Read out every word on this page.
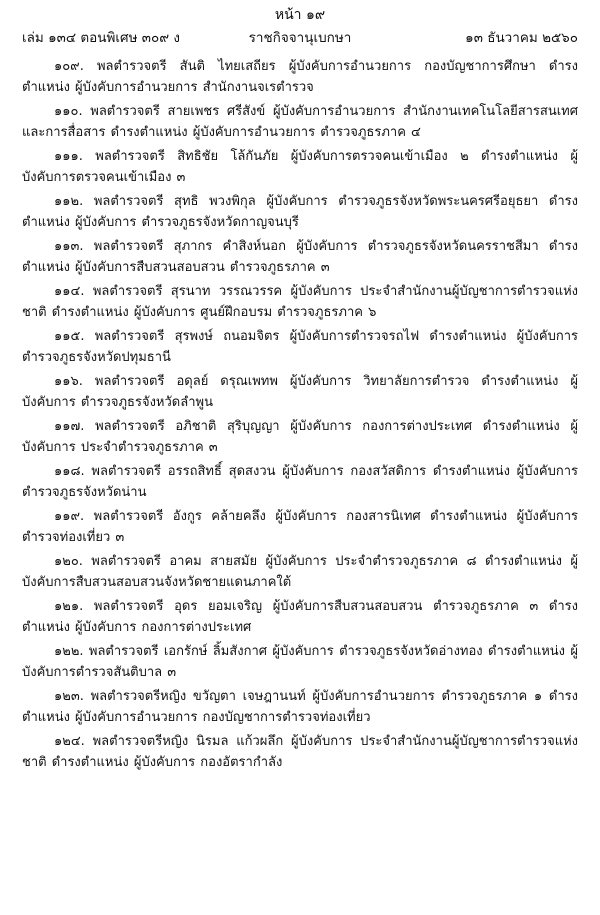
หน้า ๑๙
ราชกิจจานุเบกษา
เล่ม ๑๓๔ ตอนพิเศษ ๓๐๙ ง	๑๓ ธันวาคม ๒๕๖๐

๑๐๙. พลตำรวจตรี สันติ ไทยเสถียร ผู้บังคับการอำนวยการ กองบัญชาการศึกษา ดำรงตำแหน่ง ผู้บังคับการอำนวยการ สำนักงานจเรตำรวจ

๑๑๐. พลตำรวจตรี สายเพชร ศรีสังข์ ผู้บังคับการอำนวยการ สำนักงานเทคโนโลยีสารสนเทศและการสื่อสาร ดำรงตำแหน่ง ผู้บังคับการอำนวยการ ตำรวจภูธรภาค ๔

๑๑๑. พลตำรวจตรี สิทธิชัย โล้กันภัย ผู้บังคับการตรวจคนเข้าเมือง ๒ ดำรงตำแหน่ง ผู้บังคับการตรวจคนเข้าเมือง ๓

๑๑๒. พลตำรวจตรี สุทธิ พวงพิกุล ผู้บังคับการ ตำรวจภูธรจังหวัดพระนครศรีอยุธยา ดำรงตำแหน่ง ผู้บังคับการ ตำรวจภูธรจังหวัดกาญจนบุรี

๑๑๓. พลตำรวจตรี สุภากร คำสิงห์นอก ผู้บังคับการ ตำรวจภูธรจังหวัดนครราชสีมา ดำรงตำแหน่ง ผู้บังคับการสืบสวนสอบสวน ตำรวจภูธรภาค ๓

๑๑๔. พลตำรวจตรี สุรนาท วรรณวรรค ผู้บังคับการ ประจำสำนักงานผู้บัญชาการตำรวจแห่งชาติ ดำรงตำแหน่ง ผู้บังคับการ ศูนย์ฝึกอบรม ตำรวจภูธรภาค ๖

๑๑๕. พลตำรวจตรี สุรพงษ์ ถนอมจิตร ผู้บังคับการตำรวจรถไฟ ดำรงตำแหน่ง ผู้บังคับการ ตำรวจภูธรจังหวัดปทุมธานี

๑๑๖. พลตำรวจตรี อดุลย์ ดรุณเพทพ ผู้บังคับการ วิทยาลัยการตำรวจ ดำรงตำแหน่ง ผู้บังคับการ ตำรวจภูธรจังหวัดลำพูน

๑๑๗. พลตำรวจตรี อภิชาติ สุริบุญญา ผู้บังคับการ กองการต่างประเทศ ดำรงตำแหน่ง ผู้บังคับการ ประจำตำรวจภูธรภาค ๓

๑๑๘. พลตำรวจตรี อรรถสิทธิ์ สุดสงวน ผู้บังคับการ กองสวัสดิการ ดำรงตำแหน่ง ผู้บังคับการ ตำรวจภูธรจังหวัดน่าน

๑๑๙. พลตำรวจตรี อังกูร คล้ายคลึง ผู้บังคับการ กองสารนิเทศ ดำรงตำแหน่ง ผู้บังคับการ ตำรวจท่องเที่ยว ๓

๑๒๐. พลตำรวจตรี อาคม สายสมัย ผู้บังคับการ ประจำตำรวจภูธรภาค ๘ ดำรงตำแหน่ง ผู้บังคับการสืบสวนสอบสวนจังหวัดชายแดนภาคใต้

๑๒๑. พลตำรวจตรี อุดร ยอมเจริญ ผู้บังคับการสืบสวนสอบสวน ตำรวจภูธรภาค ๓ ดำรงตำแหน่ง ผู้บังคับการ กองการต่างประเทศ

๑๒๒. พลตำรวจตรี เอกรักษ์ ลิ้มสังกาศ ผู้บังคับการ ตำรวจภูธรจังหวัดอ่างทอง ดำรงตำแหน่ง ผู้บังคับการตำรวจสันติบาล ๓

๑๒๓. พลตำรวจตรีหญิง ขวัญตา เจษฎานนท์ ผู้บังคับการอำนวยการ ตำรวจภูธรภาค ๑ ดำรงตำแหน่ง ผู้บังคับการอำนวยการ กองบัญชาการตำรวจท่องเที่ยว

๑๒๔. พลตำรวจตรีหญิง นิรมล แก้วผลึก ผู้บังคับการ ประจำสำนักงานผู้บัญชาการตำรวจแห่งชาติ ดำรงตำแหน่ง ผู้บังคับการ กองอัตรากำลัง
